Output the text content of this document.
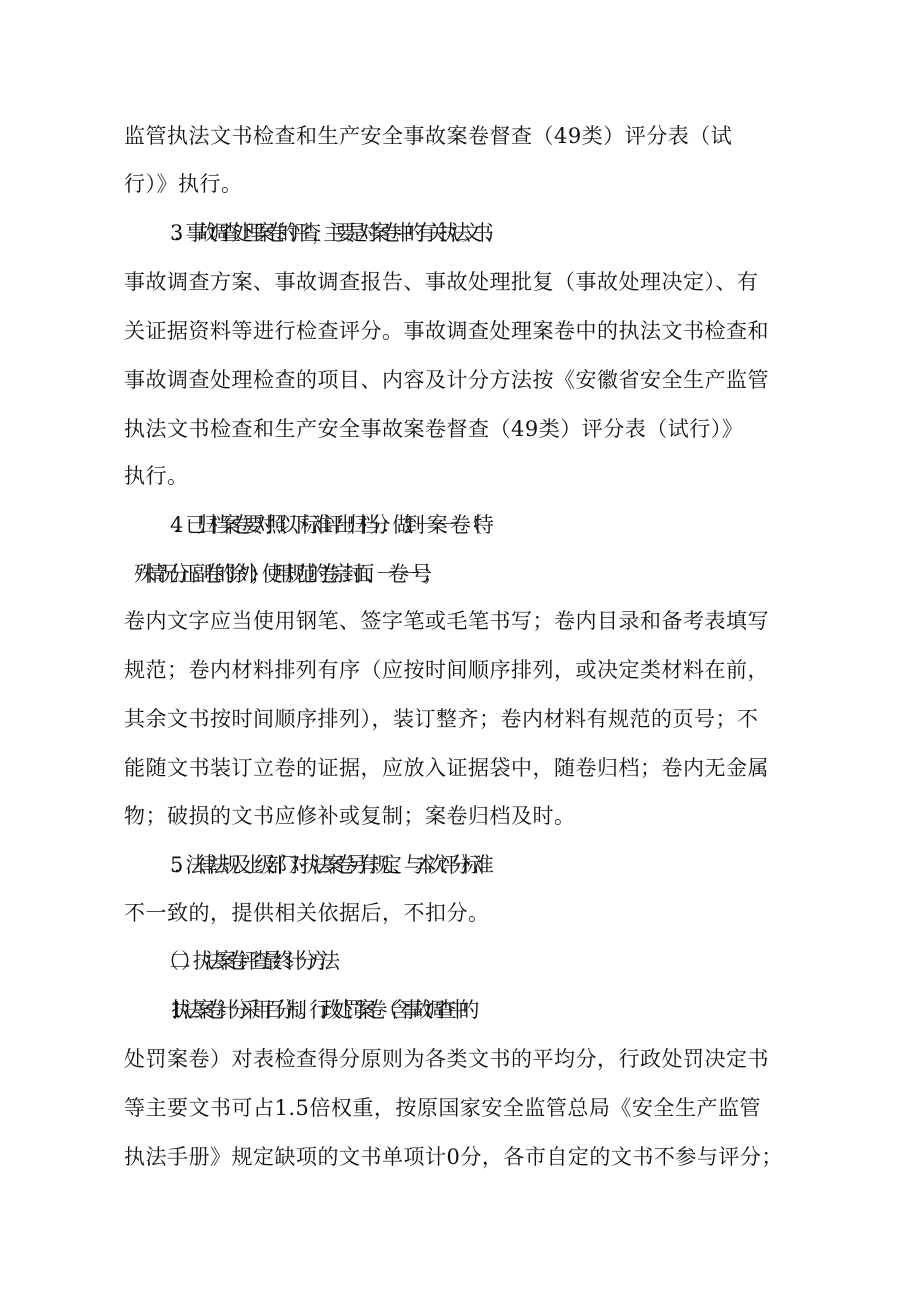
监管执法文书检查和生产安全事故案卷督查（49类）评分表（试
行）》执行。
3．事故调查处理案卷的评查，主要是对案卷中的有关执法文书、
事故调查方案、事故调查报告、事故处理批复（事故处理决定）、有
关证据资料等进行检查评分。事故调查处理案卷中的执法文书检查和
事故调查处理检查的项目、内容及计分方法按《安徽省安全生产监管
执法文书检查和生产安全事故案卷督查（49类）评分表（试行）》
执行。
4．已归档案卷要对照以下标准评出归档分：做到一案一卷（特
殊情况分正副卷的除外）；使用规范的卷宗封面、一卷一号；
卷内文字应当使用钢笔、签字笔或毛笔书写；卷内目录和备考表填写
规范；卷内材料排列有序（应按时间顺序排列，或决定类材料在前，
其余文书按时间顺序排列），装订整齐；卷内材料有规范的页号；不
能随文书装订立卷的证据，应放入证据袋中，随卷归档；卷内无金属
物；破损的文书应修补或复制；案卷归档及时。
5．法律法规及上级部门对执法案卷另有规定、与本次评分标准
不一致的，提供相关依据后，不扣分。
（二）执法案卷评查最终计分方法
1.执法案卷计分采用百分制。行政处罚案卷（含事故调查中的
处罚案卷）对表检查得分原则为各类文书的平均分，行政处罚决定书
等主要文书可占1.5倍权重，按原国家安全监管总局《安全生产监管
执法手册》规定缺项的文书单项计0分，各市自定的文书不参与评分；
